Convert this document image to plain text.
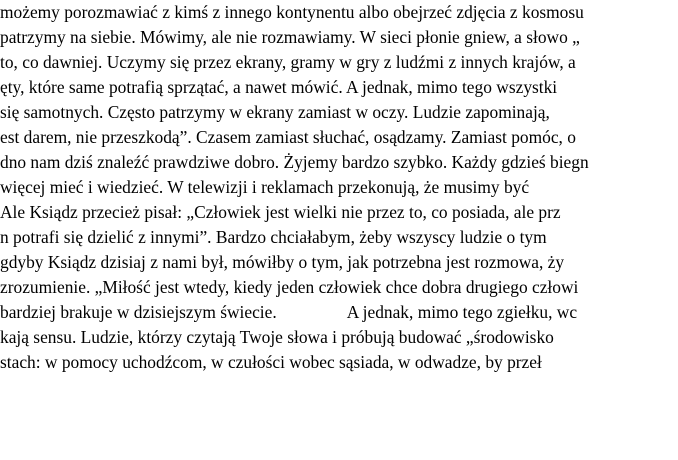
możemy porozmawiać z kimś z innego kontynentu albo obejrzeć zdjęcia z kosmosu
patrzymy na siebie. Mówimy, ale nie rozmawiamy. W sieci płonie gniew, a słowo „
to, co dawniej. Uczymy się przez ekrany, gramy w gry z ludźmi z innych krajów, a
ęty, które same potrafią sprzątać, a nawet mówić. A jednak, mimo tego wszystki
się samotnych. Często patrzymy w ekrany zamiast w oczy. Ludzie zapominają,
est darem, nie przeszkodą”. Czasem zamiast słuchać, osądzamy. Zamiast pomóc, o
dno nam dziś znaleźć prawdziwe dobro. Żyjemy bardzo szybko. Każdy gdzieś biegn
więcej mieć i wiedzieć. W telewizji i reklamach przekonują, że musimy być
Ale Ksiądz przecież pisał: „Człowiek jest wielki nie przez to, co posiada, ale prz
n potrafi się dzielić z innymi”. Bardzo chciałabym, żeby wszyscy ludzie o tym
gdyby Ksiądz dzisiaj z nami był, mówiłby o tym, jak potrzebna jest rozmowa, ży
zrozumienie. „Miłość jest wtedy, kiedy jeden człowiek chce dobra drugiego człowi
bardziej brakuje w dzisiejszym świecie.	A jednak, mimo tego zgiełku, wc
kają sensu. Ludzie, którzy czytają Twoje słowa i próbują budować „środowisko
stach: w pomocy uchodźcom, w czułości wobec sąsiada, w odwadze, by przeł
